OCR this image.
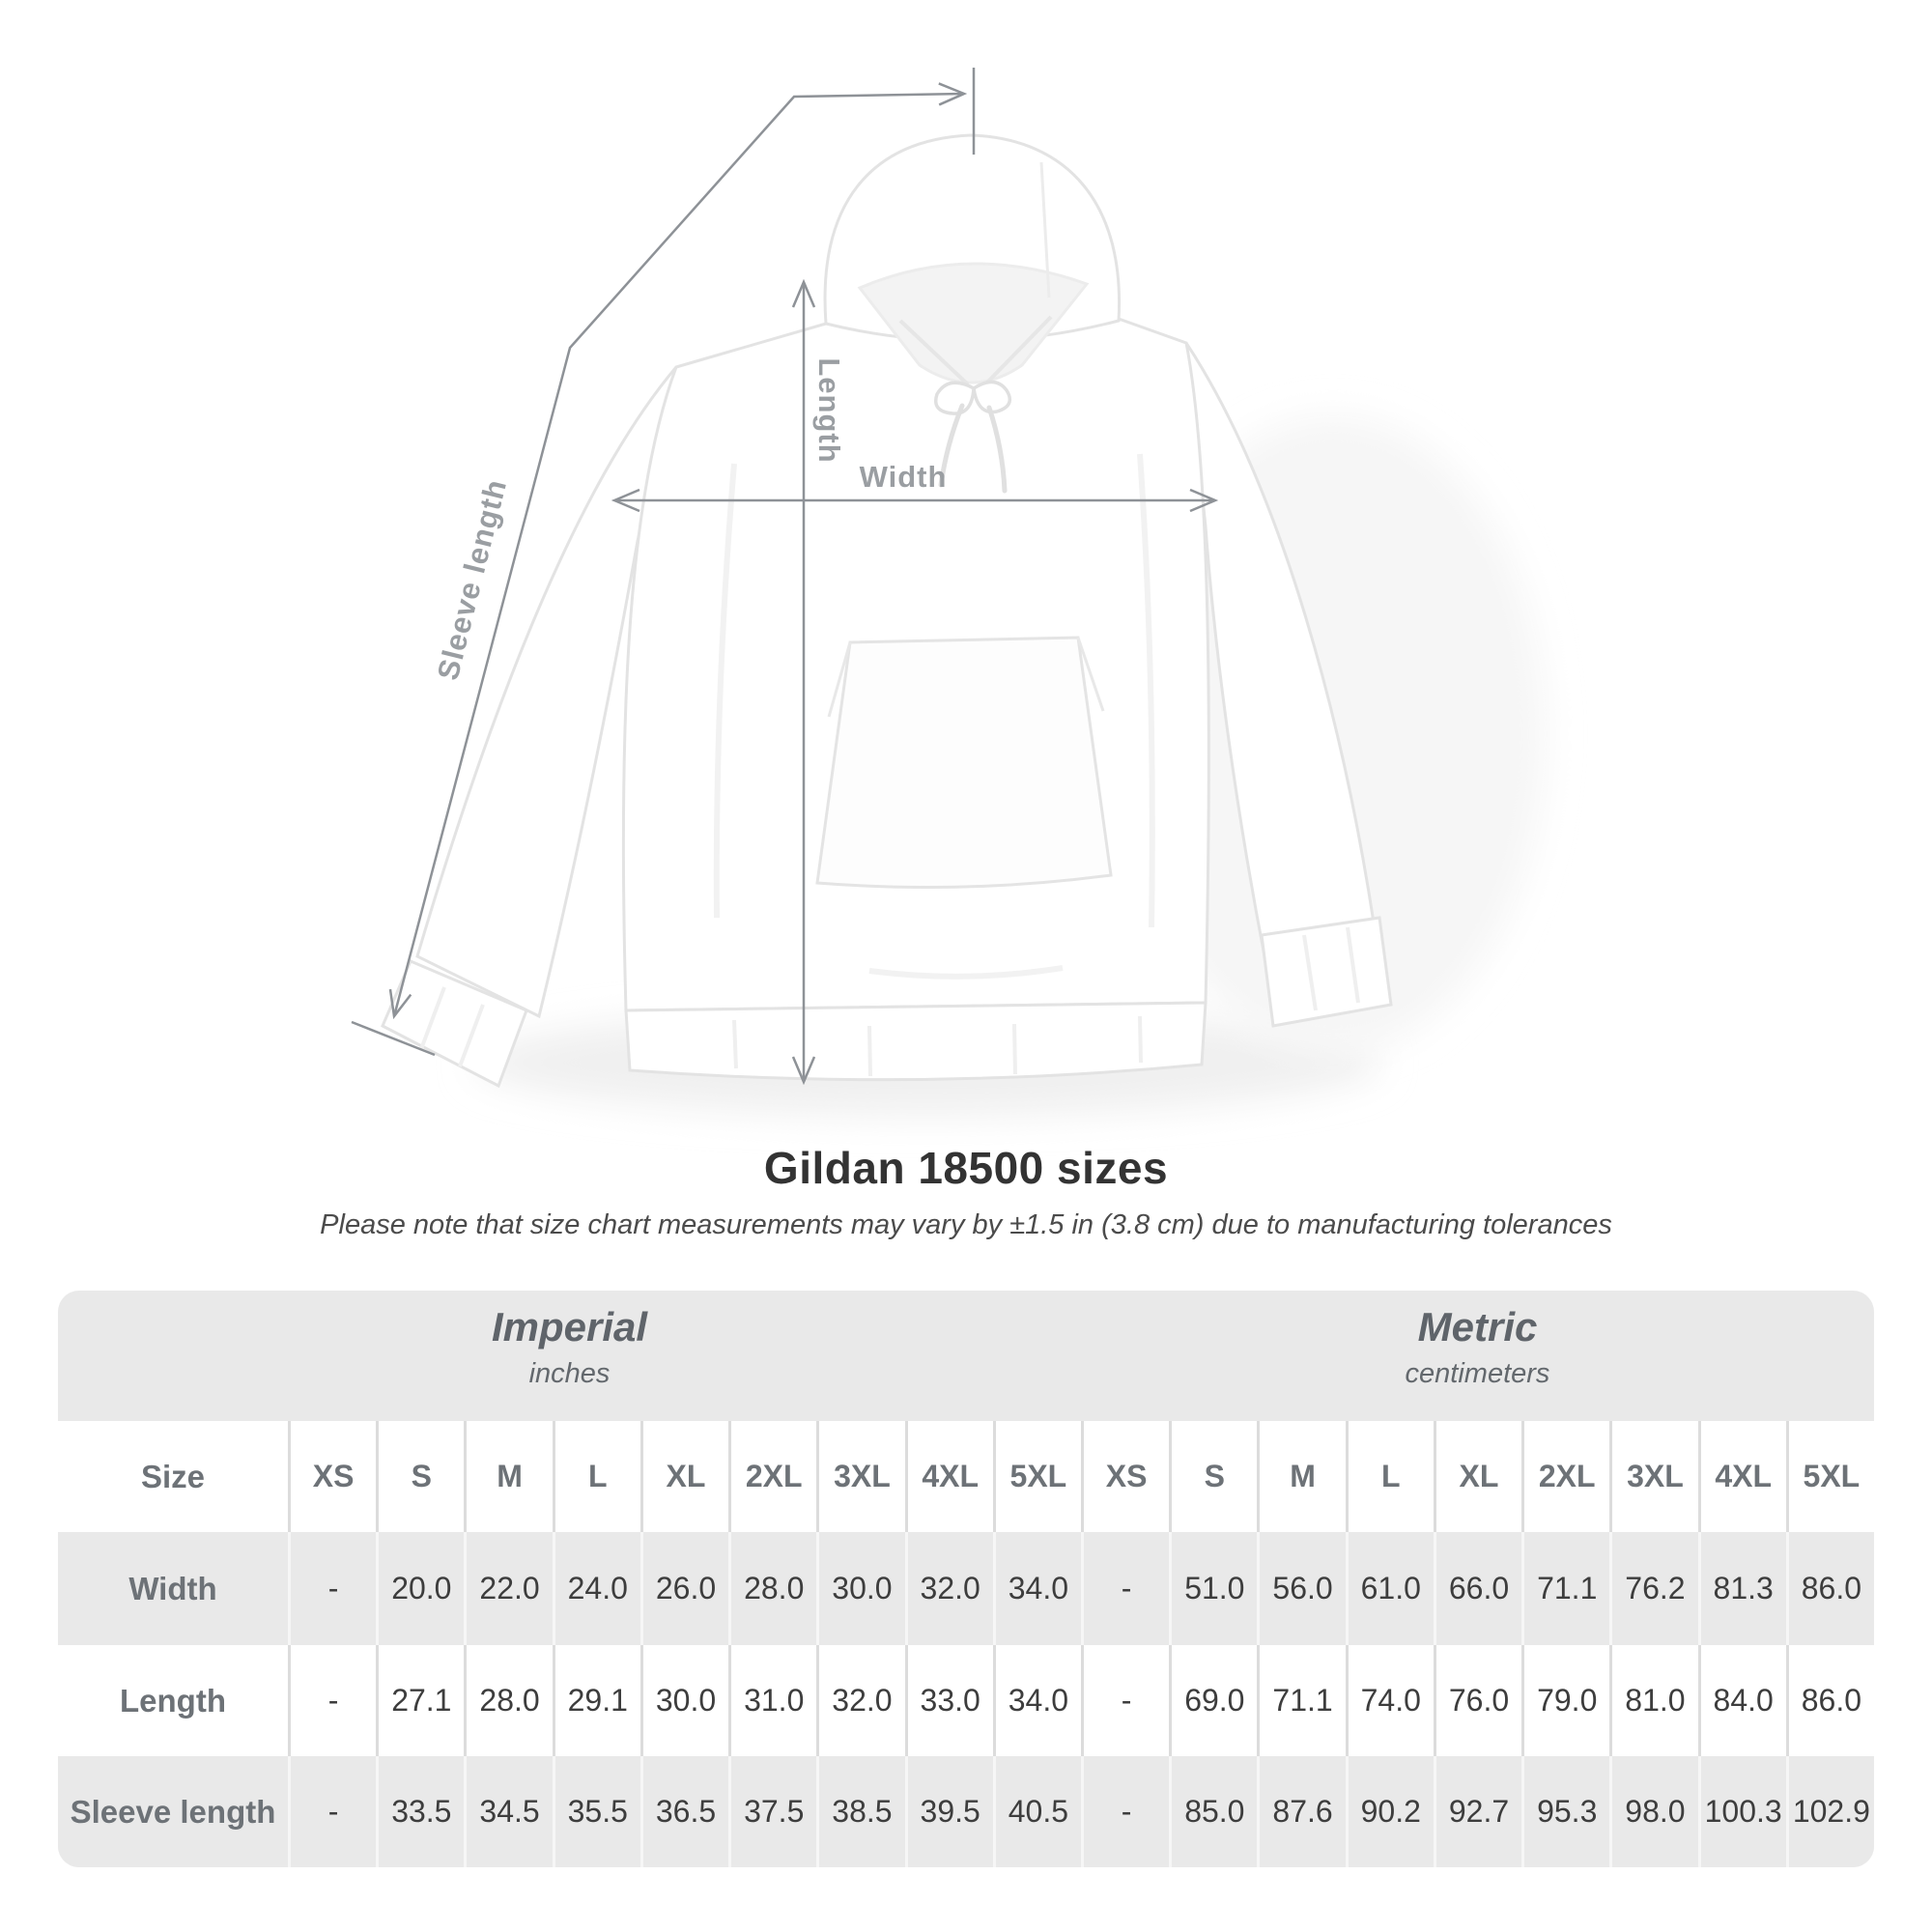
Sleeve length
Length
Width
Gildan 18500 sizes
Please note that size chart measurements may vary by ±1.5 in (3.8 cm) due to manufacturing tolerances
Imperial
inches
Metric
centimeters
Size	XS	S	M	L	XL	2XL	3XL	4XL	5XL	XS	S	M	L	XL	2XL	3XL	4XL	5XL
Width	-	20.0 22.0 24.0 26.0 28.0 30.0 32.0 34.0	-	51.0 56.0 61.0 66.0 71.1 76.2 81.3 86.0
Length	-	27.1 28.0 29.1 30.0 31.0 32.0 33.0 34.0	-	69.0 71.1 74.0 76.0 79.0 81.0 84.0 86.0
Sleeve length	-	33.5 34.5 35.5 36.5 37.5 38.5 39.5 40.5	-	85.0 87.6 90.2 92.7 95.3 98.0 100.3 102.9
